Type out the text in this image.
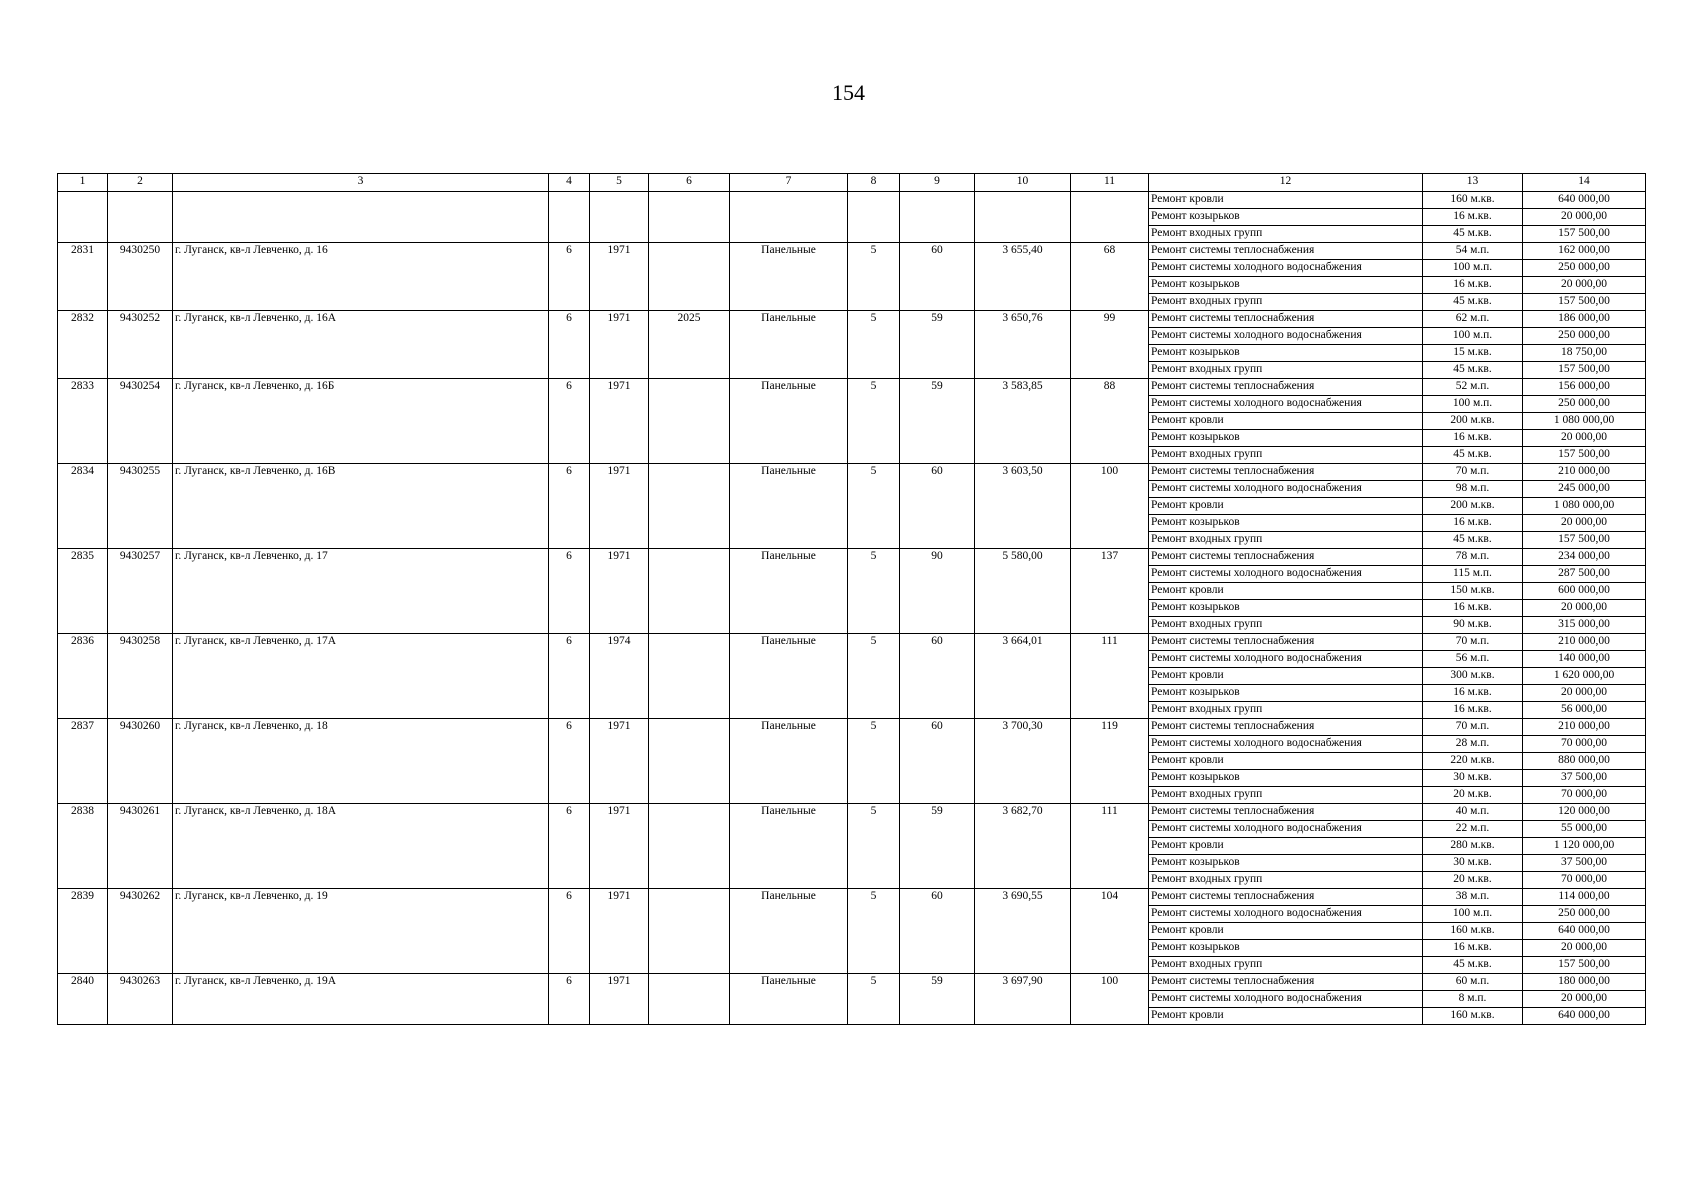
154
1	2	3	4	5	6	7	8	9	10	11	12	13	14
											Ремонт кровли	160 м.кв.	640 000,00
											Ремонт козырьков	16 м.кв.	20 000,00
											Ремонт входных групп	45 м.кв.	157 500,00
2831	9430250	г. Луганск, кв-л Левченко, д. 16	6	1971		Панельные	5	60	3 655,40	68	Ремонт системы теплоснабжения	54 м.п.	162 000,00
											Ремонт системы холодного водоснабжения	100 м.п.	250 000,00
											Ремонт козырьков	16 м.кв.	20 000,00
											Ремонт входных групп	45 м.кв.	157 500,00
2832	9430252	г. Луганск, кв-л Левченко, д. 16А	6	1971	2025	Панельные	5	59	3 650,76	99	Ремонт системы теплоснабжения	62 м.п.	186 000,00
											Ремонт системы холодного водоснабжения	100 м.п.	250 000,00
											Ремонт козырьков	15 м.кв.	18 750,00
											Ремонт входных групп	45 м.кв.	157 500,00
2833	9430254	г. Луганск, кв-л Левченко, д. 16Б	6	1971		Панельные	5	59	3 583,85	88	Ремонт системы теплоснабжения	52 м.п.	156 000,00
											Ремонт системы холодного водоснабжения	100 м.п.	250 000,00
											Ремонт кровли	200 м.кв.	1 080 000,00
											Ремонт козырьков	16 м.кв.	20 000,00
											Ремонт входных групп	45 м.кв.	157 500,00
2834	9430255	г. Луганск, кв-л Левченко, д. 16В	6	1971		Панельные	5	60	3 603,50	100	Ремонт системы теплоснабжения	70 м.п.	210 000,00
											Ремонт системы холодного водоснабжения	98 м.п.	245 000,00
											Ремонт кровли	200 м.кв.	1 080 000,00
											Ремонт козырьков	16 м.кв.	20 000,00
											Ремонт входных групп	45 м.кв.	157 500,00
2835	9430257	г. Луганск, кв-л Левченко, д. 17	6	1971		Панельные	5	90	5 580,00	137	Ремонт системы теплоснабжения	78 м.п.	234 000,00
											Ремонт системы холодного водоснабжения	115 м.п.	287 500,00
											Ремонт кровли	150 м.кв.	600 000,00
											Ремонт козырьков	16 м.кв.	20 000,00
											Ремонт входных групп	90 м.кв.	315 000,00
2836	9430258	г. Луганск, кв-л Левченко, д. 17А	6	1974		Панельные	5	60	3 664,01	111	Ремонт системы теплоснабжения	70 м.п.	210 000,00
											Ремонт системы холодного водоснабжения	56 м.п.	140 000,00
											Ремонт кровли	300 м.кв.	1 620 000,00
											Ремонт козырьков	16 м.кв.	20 000,00
											Ремонт входных групп	16 м.кв.	56 000,00
2837	9430260	г. Луганск, кв-л Левченко, д. 18	6	1971		Панельные	5	60	3 700,30	119	Ремонт системы теплоснабжения	70 м.п.	210 000,00
											Ремонт системы холодного водоснабжения	28 м.п.	70 000,00
											Ремонт кровли	220 м.кв.	880 000,00
											Ремонт козырьков	30 м.кв.	37 500,00
											Ремонт входных групп	20 м.кв.	70 000,00
2838	9430261	г. Луганск, кв-л Левченко, д. 18А	6	1971		Панельные	5	59	3 682,70	111	Ремонт системы теплоснабжения	40 м.п.	120 000,00
											Ремонт системы холодного водоснабжения	22 м.п.	55 000,00
											Ремонт кровли	280 м.кв.	1 120 000,00
											Ремонт козырьков	30 м.кв.	37 500,00
											Ремонт входных групп	20 м.кв.	70 000,00
2839	9430262	г. Луганск, кв-л Левченко, д. 19	6	1971		Панельные	5	60	3 690,55	104	Ремонт системы теплоснабжения	38 м.п.	114 000,00
											Ремонт системы холодного водоснабжения	100 м.п.	250 000,00
											Ремонт кровли	160 м.кв.	640 000,00
											Ремонт козырьков	16 м.кв.	20 000,00
											Ремонт входных групп	45 м.кв.	157 500,00
2840	9430263	г. Луганск, кв-л Левченко, д. 19А	6	1971		Панельные	5	59	3 697,90	100	Ремонт системы теплоснабжения	60 м.п.	180 000,00
											Ремонт системы холодного водоснабжения	8 м.п.	20 000,00
											Ремонт кровли	160 м.кв.	640 000,00
